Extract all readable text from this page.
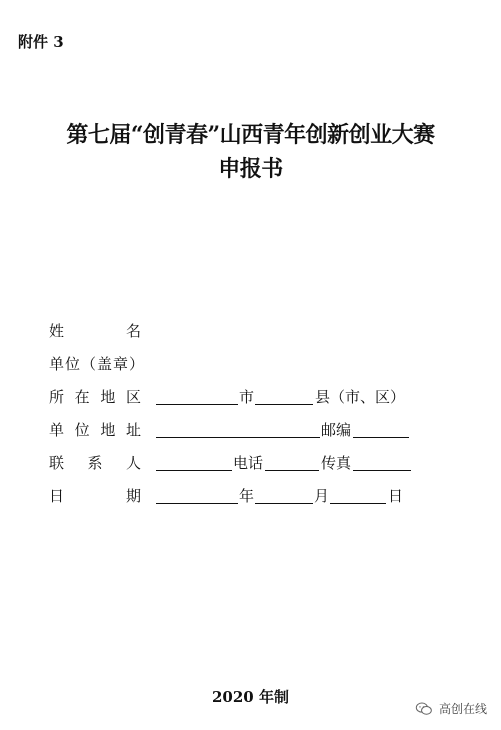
附件 3
第七届“创青春”山西青年创新创业大赛
申报书
姓	名
单位（盖章）
所 在 地 区	市	县（市、区）
单 位 地 址	邮编
联 系 人	电话	传真
日	期	年	月	日
2020 年制
高创在线
